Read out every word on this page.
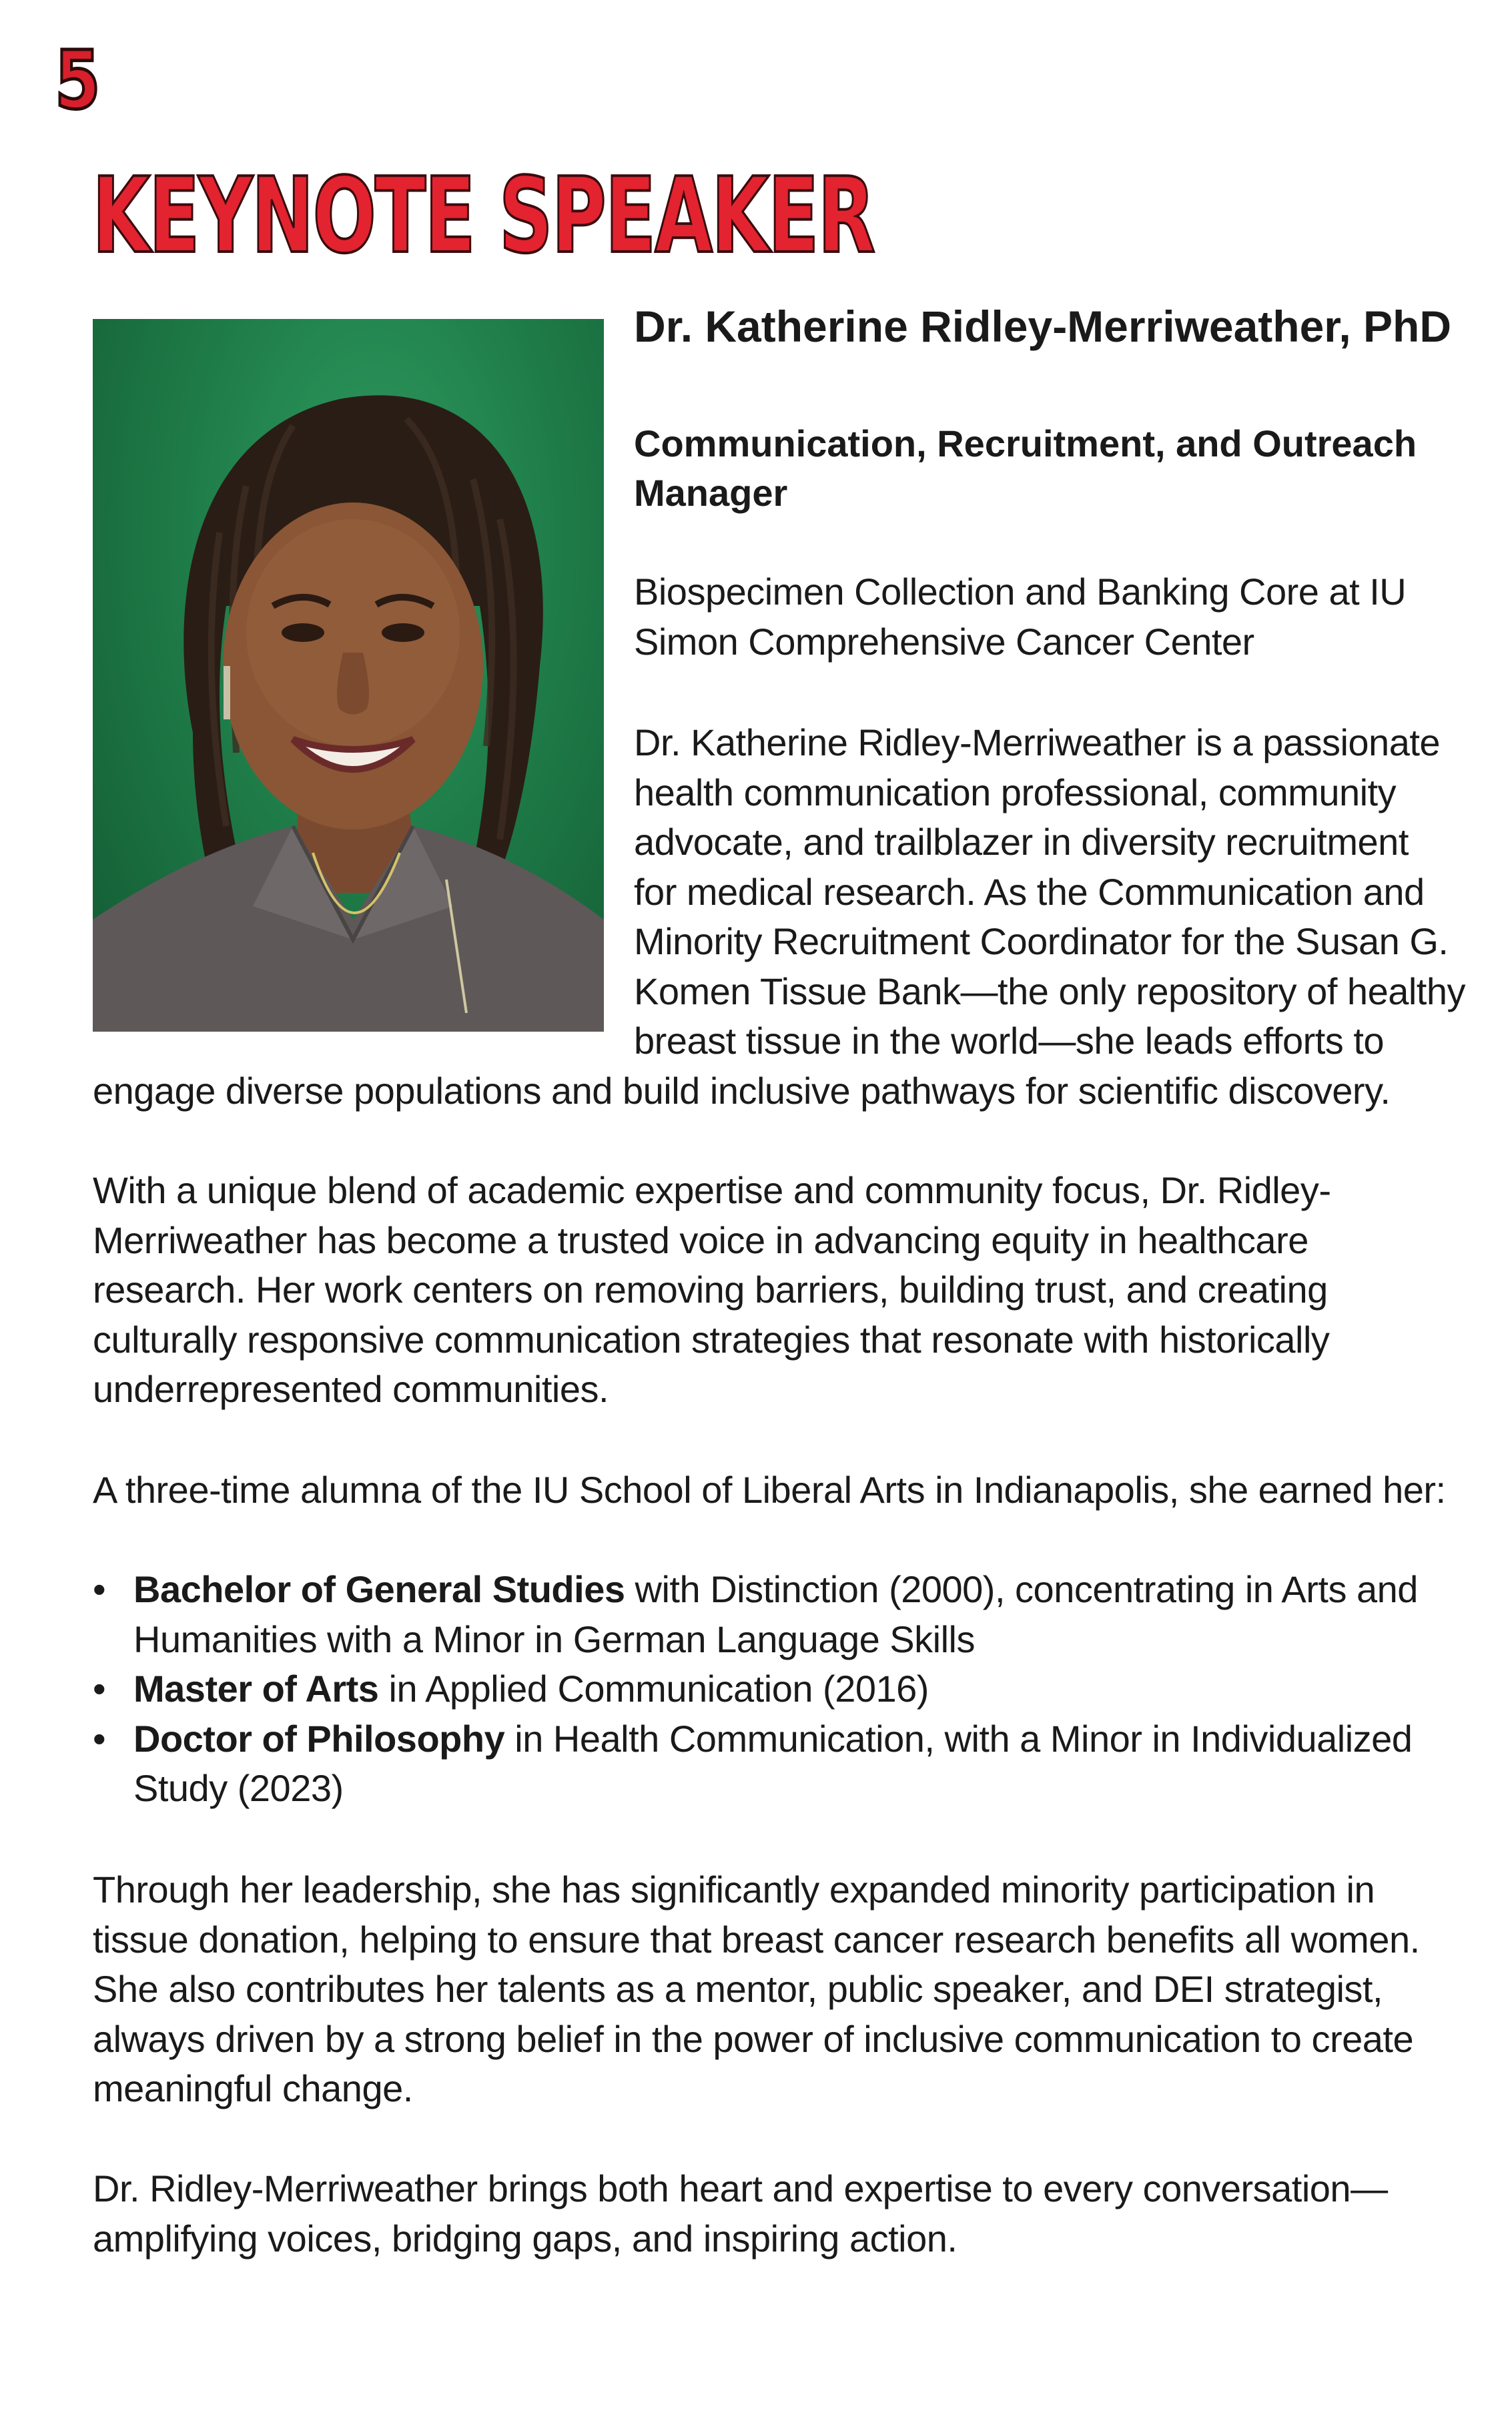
5
KEYNOTE SPEAKER
Dr. Katherine Ridley-Merriweather, PhD
Communication, Recruitment, and Outreach Manager

Biospecimen Collection and Banking Core at IU Simon Comprehensive Cancer Center

Dr. Katherine Ridley-Merriweather is a passionate
health communication professional, community
advocate, and trailblazer in diversity recruitment
for medical research. As the Communication and
Minority Recruitment Coordinator for the Susan G.
Komen Tissue Bank—the only repository of healthy
breast tissue in the world—she leads efforts to
engage diverse populations and build inclusive pathways for scientific discovery.

With a unique blend of academic expertise and community focus, Dr. Ridley-Merriweather has become a trusted voice in advancing equity in healthcare research. Her work centers on removing barriers, building trust, and creating culturally responsive communication strategies that resonate with historically underrepresented communities.

A three-time alumna of the IU School of Liberal Arts in Indianapolis, she earned her:

• Bachelor of General Studies with Distinction (2000), concentrating in Arts and Humanities with a Minor in German Language Skills
• Master of Arts in Applied Communication (2016)
• Doctor of Philosophy in Health Communication, with a Minor in Individualized Study (2023)

Through her leadership, she has significantly expanded minority participation in tissue donation, helping to ensure that breast cancer research benefits all women. She also contributes her talents as a mentor, public speaker, and DEI strategist, always driven by a strong belief in the power of inclusive communication to create meaningful change.

Dr. Ridley-Merriweather brings both heart and expertise to every conversation—amplifying voices, bridging gaps, and inspiring action.
